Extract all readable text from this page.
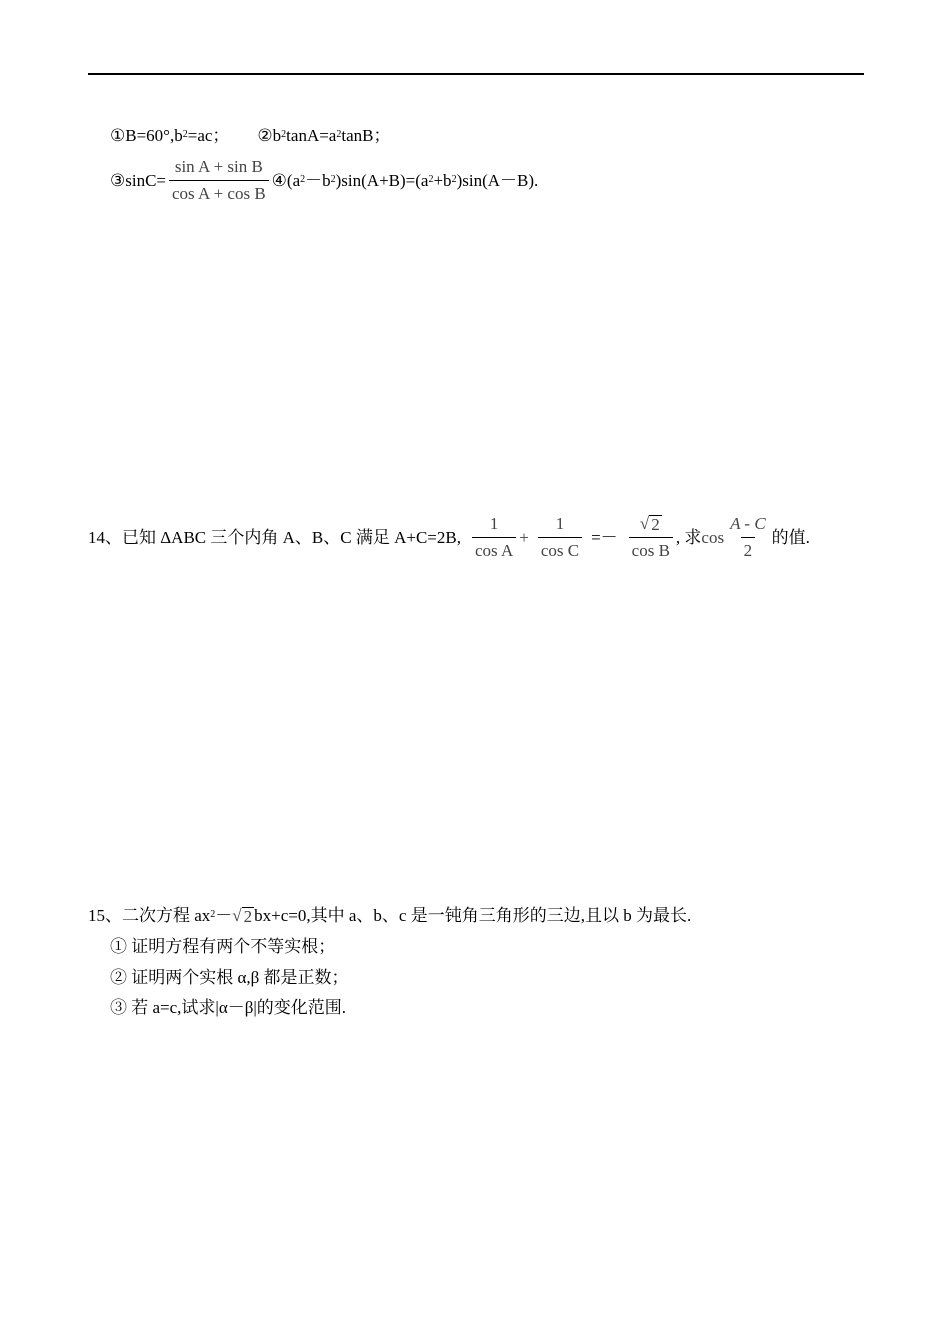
① $B=60^\circ,b^2 =ac$； ② $b^2$ $\tan A=a^2$ tanB；
③ $\sin C= \frac{\text{sin A + sin B}}{\text{cos A + cos B}}$ ④ ($a^2 -b^2$ )$\sin(A+B)=(a^2 +b^2$ )sin(A－B).
14、已知 ΔABC 三个内角 A、B、C 满足 A+C=2B, $\frac{1}{\text{cos A}} + \frac{1}{\text{cos C}} =- \frac{√ 2}{\text{cos B}}$ , 求 $\cos \frac{A - C}{2}$ 的值.
15、二次方程 $ax^2$ － √ 2 bx+c=0,其中 a、b、c 是一钝角三角形的三边,且以 b 为最长.
① 证明方程有两个不等实根；
② 证明两个实根 α,β 都是正数；
③ 若 a=c,试求|α－β|的变化范围.
